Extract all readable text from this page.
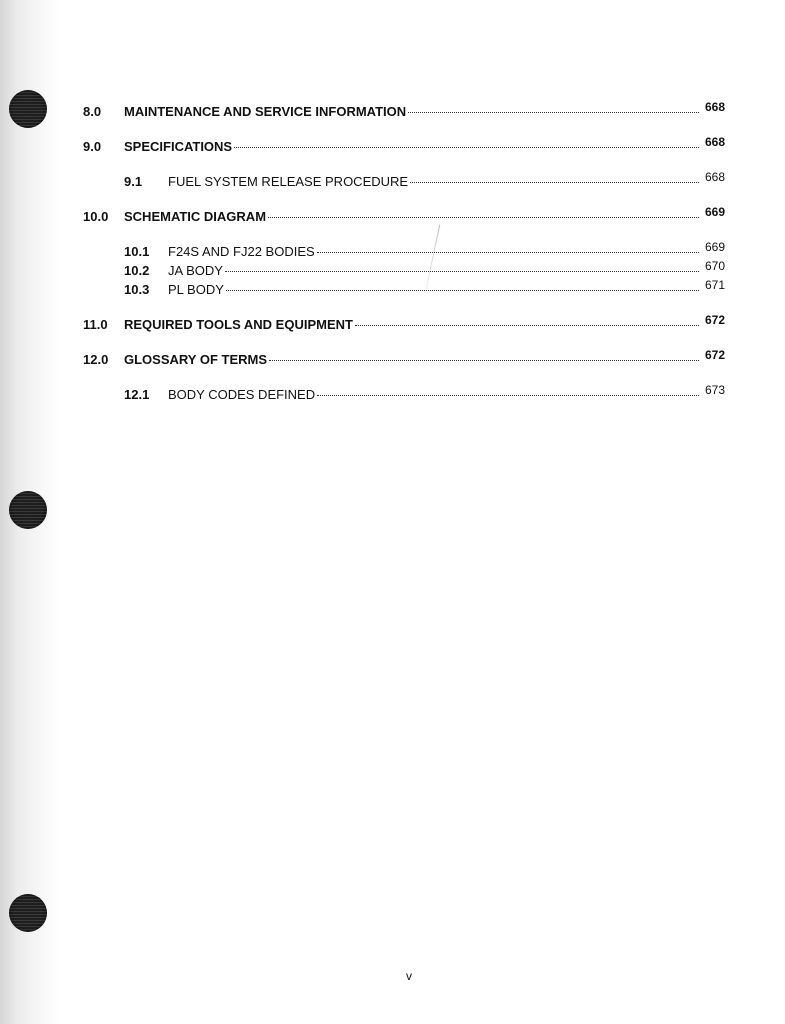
8.0	MAINTENANCE AND SERVICE INFORMATION	668
9.0	SPECIFICATIONS	668
9.1	FUEL SYSTEM RELEASE PROCEDURE	668
10.0	SCHEMATIC DIAGRAM	669
10.1	F24S AND FJ22 BODIES	669
10.2	JA BODY	670
10.3	PL BODY	671
11.0	REQUIRED TOOLS AND EQUIPMENT	672
12.0	GLOSSARY OF TERMS	672
12.1	BODY CODES DEFINED	673
v
